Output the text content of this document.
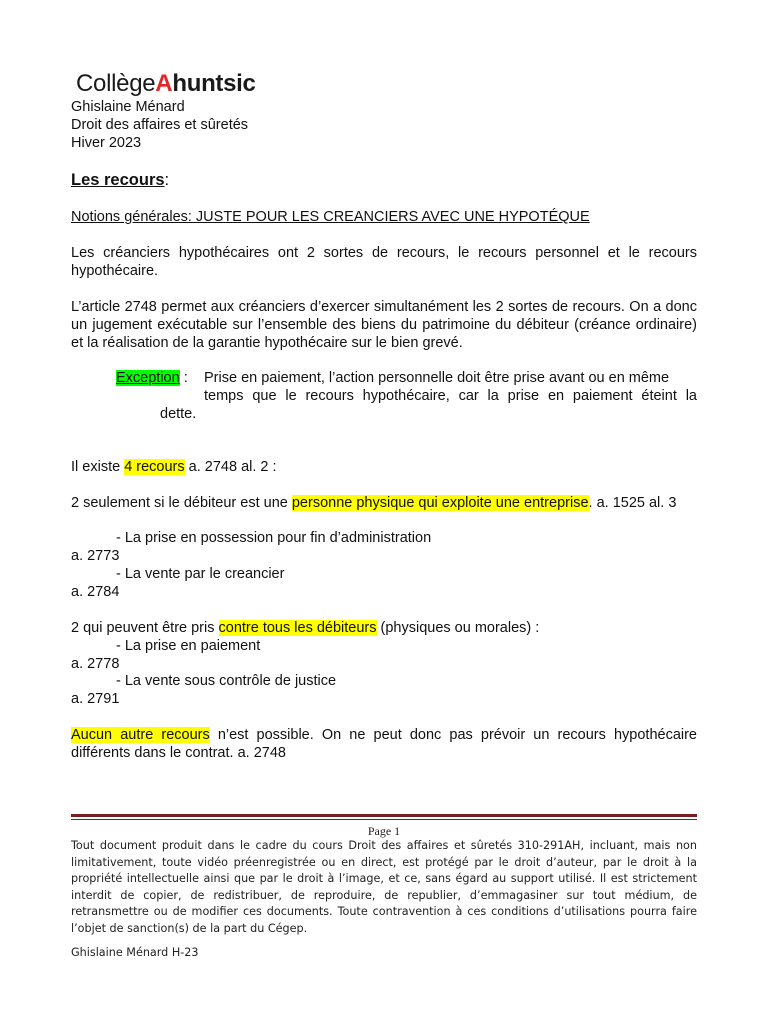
CollègeAhuntsic
Ghislaine Ménard
Droit des affaires et sûretés
Hiver 2023
Les recours:
Notions générales: JUSTE POUR LES CREANCIERS AVEC UNE HYPOTÉQUE
Les créanciers hypothécaires ont 2 sortes de recours, le recours personnel et le recours hypothécaire.
L’article 2748 permet aux créanciers d’exercer simultanément les 2 sortes de recours. On a donc un jugement exécutable sur l’ensemble des biens du patrimoine du débiteur (créance ordinaire) et la réalisation de la garantie hypothécaire sur le bien grevé.
Exception : Prise en paiement, l’action personnelle doit être prise avant ou en même
temps que le recours hypothécaire, car la prise en paiement éteint la
dette.
Il existe 4 recours a. 2748 al. 2 :
2 seulement si le débiteur est une personne physique qui exploite une entreprise. a. 1525 al. 3
- La prise en possession pour fin d’administration
a. 2773
- La vente par le creancier
a. 2784
2 qui peuvent être pris contre tous les débiteurs (physiques ou morales) :
- La prise en paiement
a. 2778
- La vente sous contrôle de justice
a. 2791
Aucun autre recours n’est possible. On ne peut donc pas prévoir un recours hypothécaire différents dans le contrat. a. 2748
Page 1
Tout document produit dans le cadre du cours Droit des affaires et sûretés 310-291AH, incluant, mais non limitativement, toute vidéo préenregistrée ou en direct, est protégé par le droit d’auteur, par le droit à la propriété intellectuelle ainsi que par le droit à l’image, et ce, sans égard au support utilisé. Il est strictement interdit de copier, de redistribuer, de reproduire, de republier, d’emmagasiner sur tout médium, de retransmettre ou de modifier ces documents. Toute contravention à ces conditions d’utilisations pourra faire l’objet de sanction(s) de la part du Cégep.
Ghislaine Ménard H-23
